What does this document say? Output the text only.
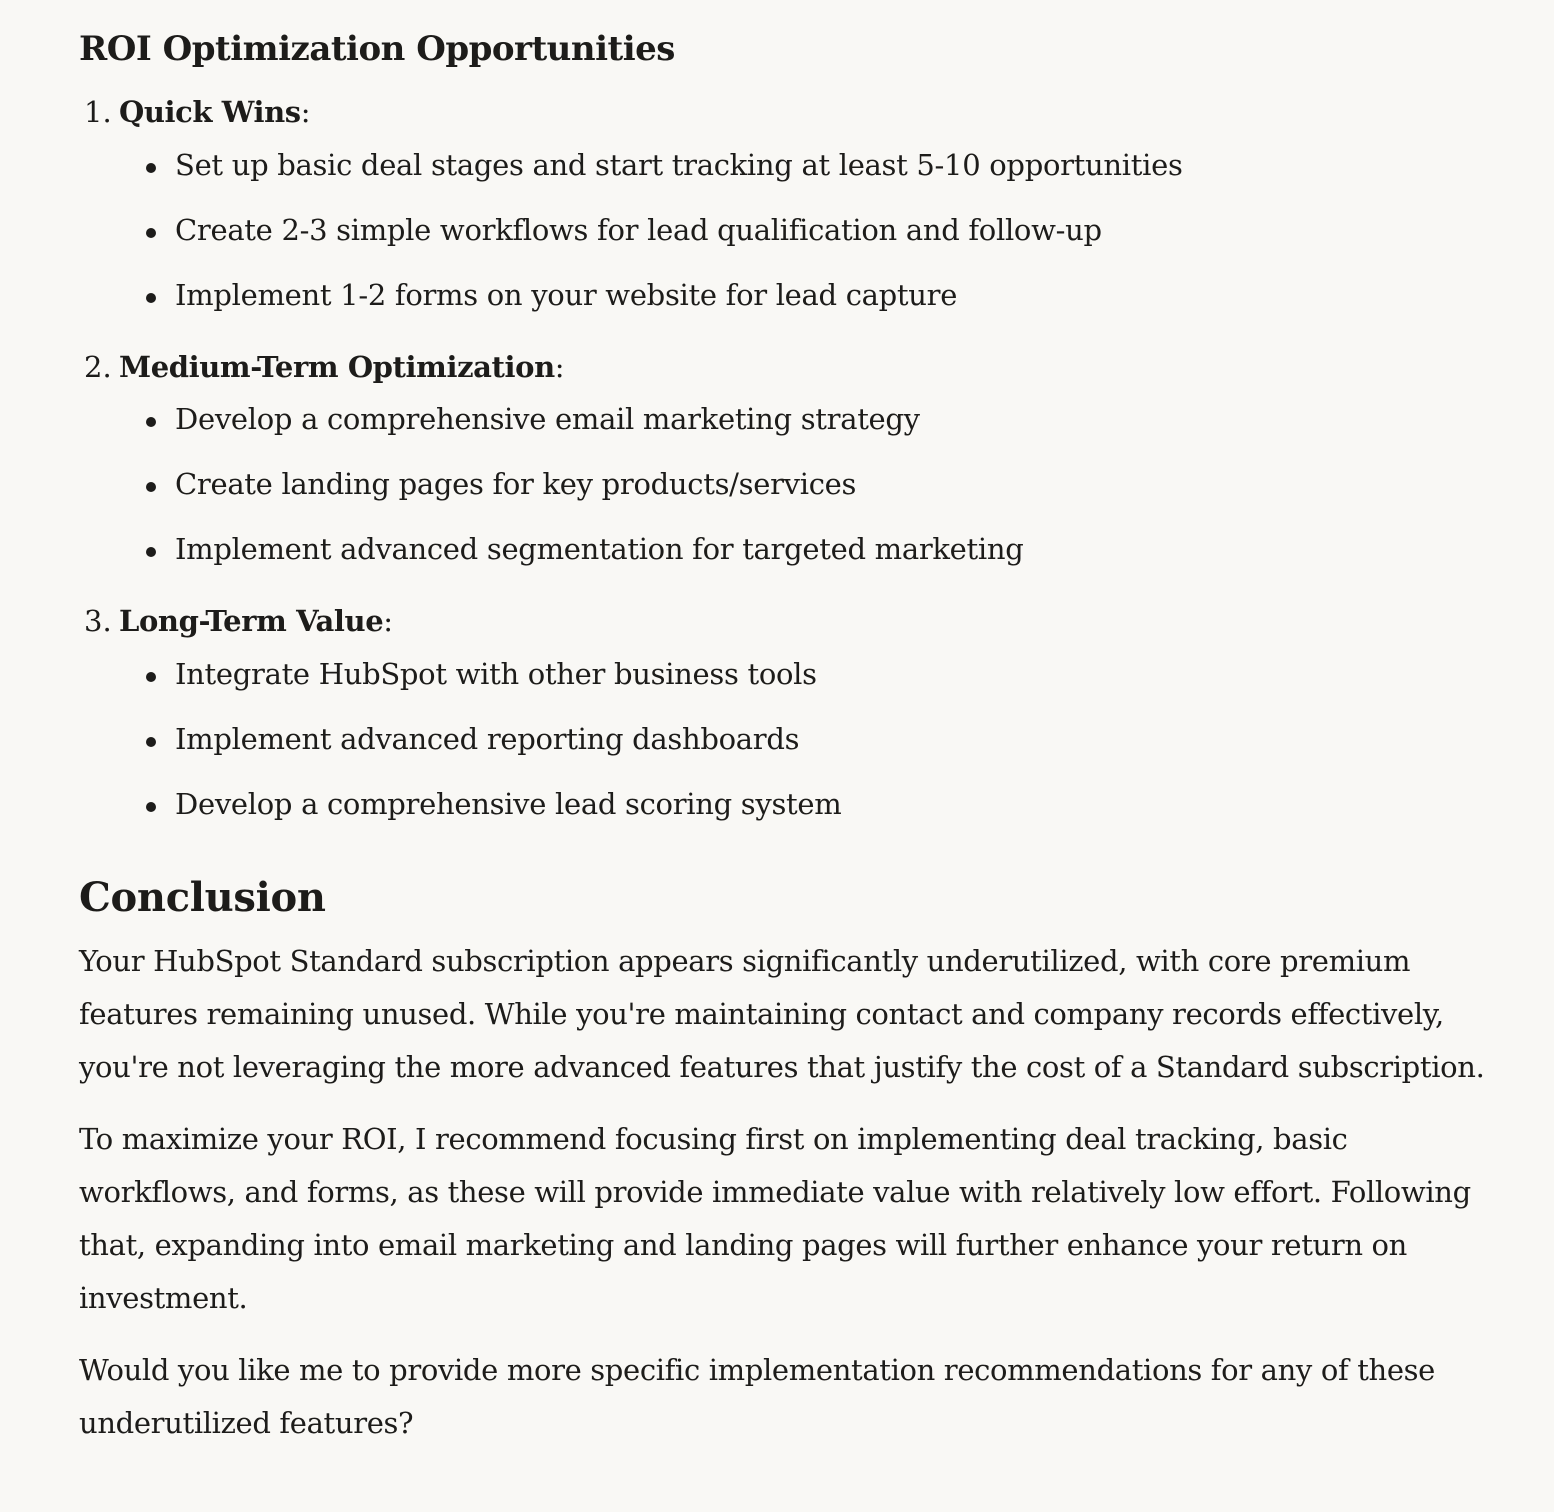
ROI Optimization Opportunities
1. Quick Wins:
Set up basic deal stages and start tracking at least 5-10 opportunities
Create 2-3 simple workflows for lead qualification and follow-up
Implement 1-2 forms on your website for lead capture
2. Medium-Term Optimization:
Develop a comprehensive email marketing strategy
Create landing pages for key products/services
Implement advanced segmentation for targeted marketing
3. Long-Term Value:
Integrate HubSpot with other business tools
Implement advanced reporting dashboards
Develop a comprehensive lead scoring system
Conclusion

Your HubSpot Standard subscription appears significantly underutilized, with core premium features remaining unused. While you're maintaining contact and company records effectively, you're not leveraging the more advanced features that justify the cost of a Standard subscription.

To maximize your ROI, I recommend focusing first on implementing deal tracking, basic workflows, and forms, as these will provide immediate value with relatively low effort. Following that, expanding into email marketing and landing pages will further enhance your return on investment.

Would you like me to provide more specific implementation recommendations for any of these underutilized features?
